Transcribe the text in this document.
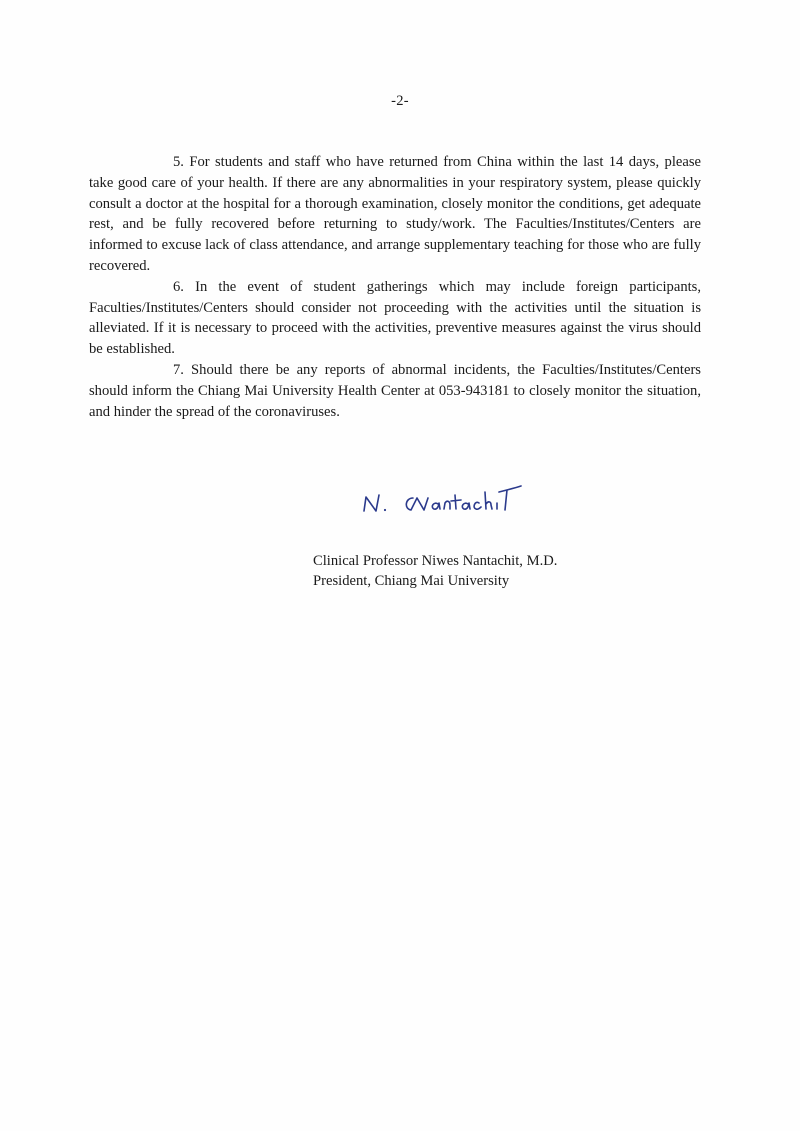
-2-

5. For students and staff who have returned from China within the last 14 days, please take good care of your health. If there are any abnormalities in your respiratory system, please quickly consult a doctor at the hospital for a thorough examination, closely monitor the conditions, get adequate rest, and be fully recovered before returning to study/work. The Faculties/Institutes/Centers are informed to excuse lack of class attendance, and arrange supplementary teaching for those who are fully recovered.

6. In the event of student gatherings which may include foreign participants, Faculties/Institutes/Centers should consider not proceeding with the activities until the situation is alleviated. If it is necessary to proceed with the activities, preventive measures against the virus should be established.

7. Should there be any reports of abnormal incidents, the Faculties/Institutes/Centers should inform the Chiang Mai University Health Center at 053-943181 to closely monitor the situation, and hinder the spread of the coronaviruses.

Clinical Professor Niwes Nantachit, M.D.
President, Chiang Mai University
